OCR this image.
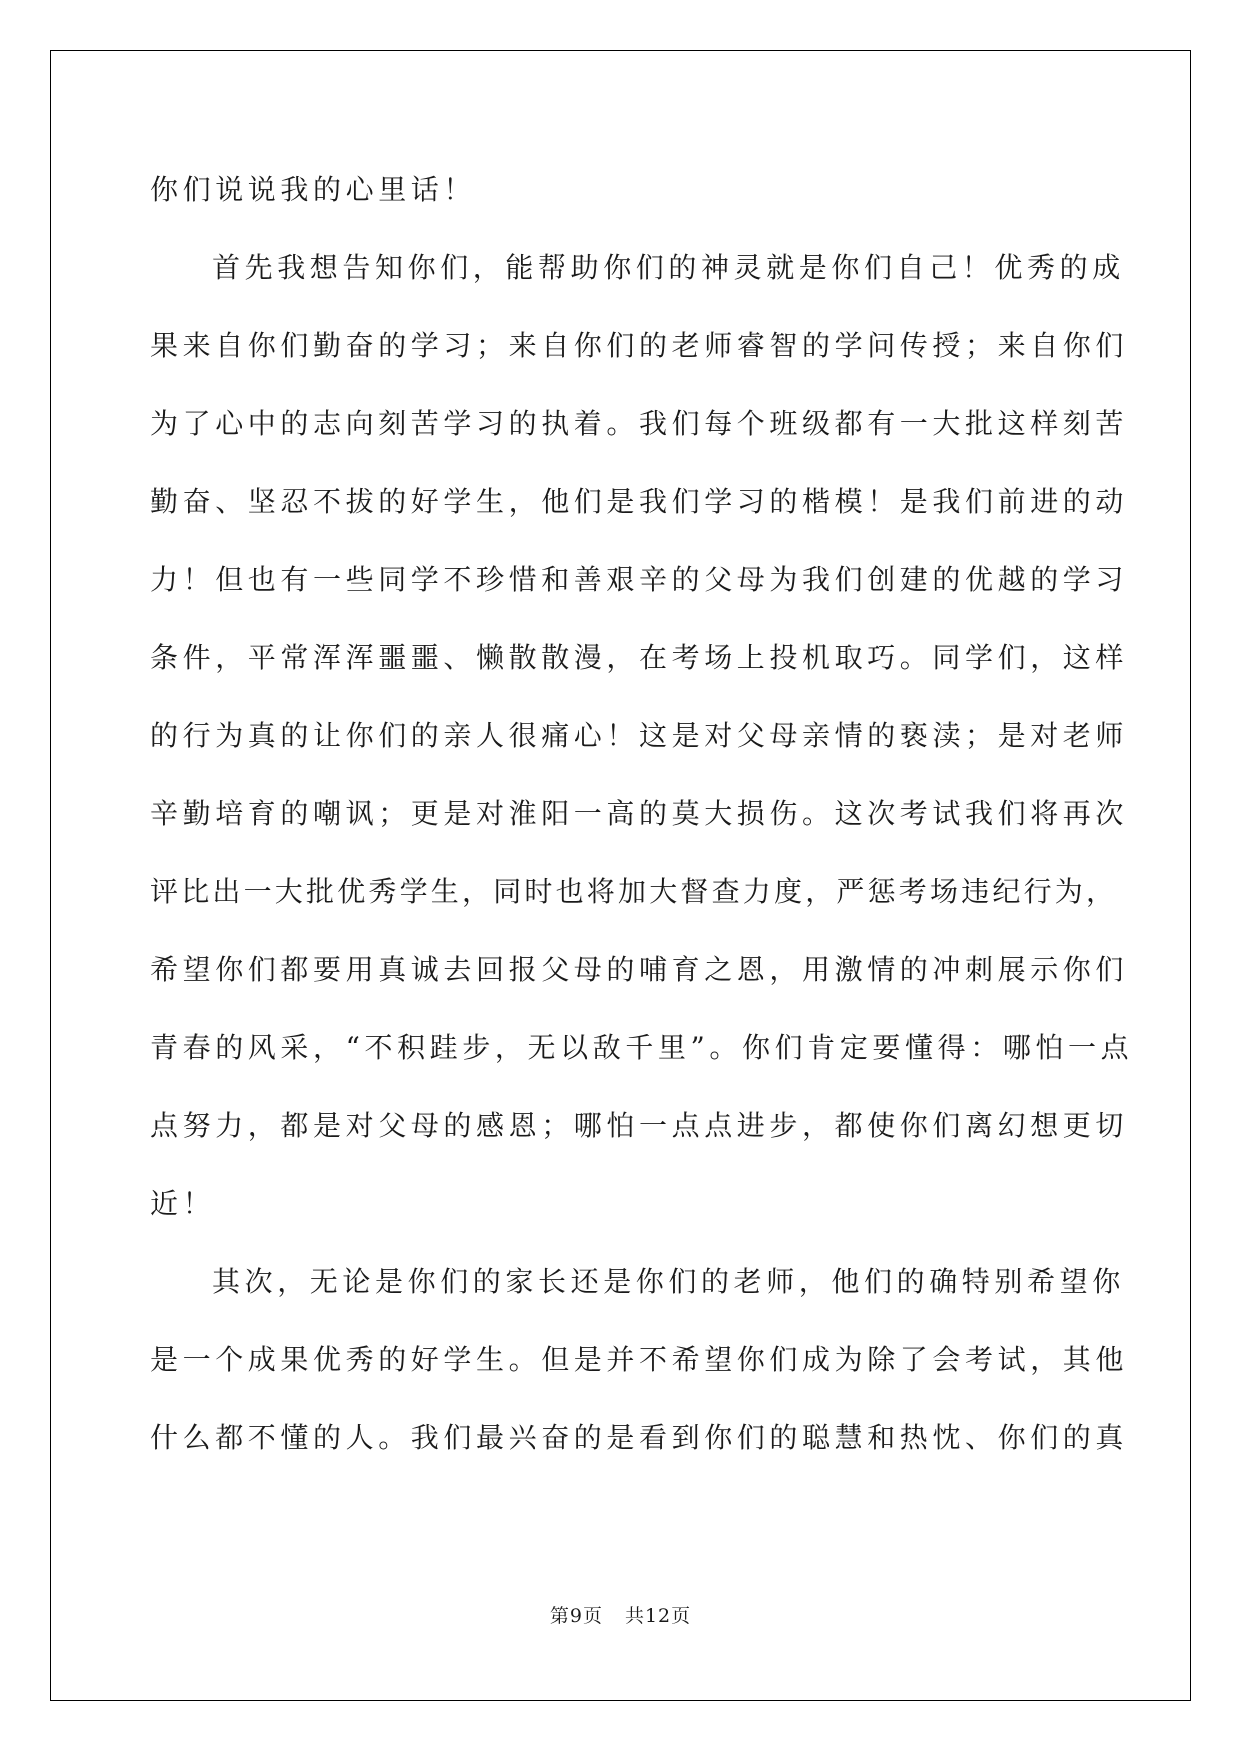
你们说说我的心里话！
首先我想告知你们，能帮助你们的神灵就是你们自己！优秀的成
果来自你们勤奋的学习；来自你们的老师睿智的学问传授；来自你们
为了心中的志向刻苦学习的执着。我们每个班级都有一大批这样刻苦
勤奋、坚忍不拔的好学生，他们是我们学习的楷模！是我们前进的动
力！但也有一些同学不珍惜和善艰辛的父母为我们创建的优越的学习
条件，平常浑浑噩噩、懒散散漫，在考场上投机取巧。同学们，这样
的行为真的让你们的亲人很痛心！这是对父母亲情的亵渎；是对老师
辛勤培育的嘲讽；更是对淮阳一高的莫大损伤。这次考试我们将再次
评比出一大批优秀学生，同时也将加大督查力度，严惩考场违纪行为，
希望你们都要用真诚去回报父母的哺育之恩，用激情的冲刺展示你们
青春的风采，“不积跬步，无以敌千里”。你们肯定要懂得：哪怕一点
点努力，都是对父母的感恩；哪怕一点点进步，都使你们离幻想更切
近！
其次，无论是你们的家长还是你们的老师，他们的确特别希望你
是一个成果优秀的好学生。但是并不希望你们成为除了会考试，其他
什么都不懂的人。我们最兴奋的是看到你们的聪慧和热忱、你们的真
第9页 共12页
